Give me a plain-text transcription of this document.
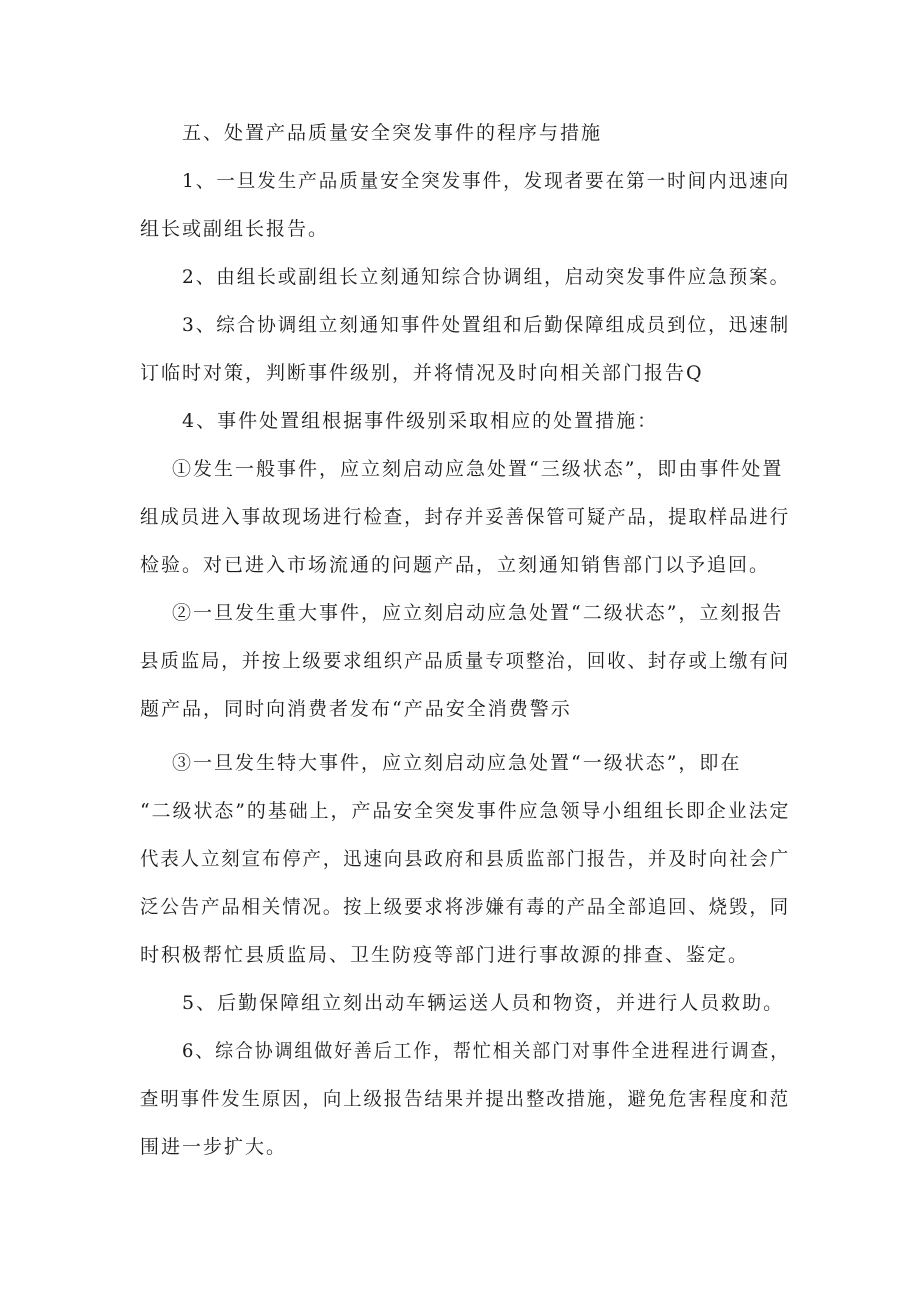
五、处置产品质量安全突发事件的程序与措施
1、一旦发生产品质量安全突发事件，发现者要在第一时间内迅速向
组长或副组长报告。
2、由组长或副组长立刻通知综合协调组，启动突发事件应急预案。
3、综合协调组立刻通知事件处置组和后勤保障组成员到位，迅速制
订临时对策，判断事件级别，并将情况及时向相关部门报告Q
4、事件处置组根据事件级别采取相应的处置措施：
①发生一般事件，应立刻启动应急处置“三级状态”，即由事件处置
组成员进入事故现场进行检查，封存并妥善保管可疑产品，提取样品进行
检验。对已进入市场流通的问题产品，立刻通知销售部门以予追回。
②一旦发生重大事件，应立刻启动应急处置“二级状态”，立刻报告
县质监局，并按上级要求组织产品质量专项整治，回收、封存或上缴有问
题产品，同时向消费者发布“产品安全消费警示
③一旦发生特大事件，应立刻启动应急处置“一级状态”，即在
“二级状态”的基础上，产品安全突发事件应急领导小组组长即企业法定
代表人立刻宣布停产，迅速向县政府和县质监部门报告，并及时向社会广
泛公告产品相关情况。按上级要求将涉嫌有毒的产品全部追回、烧毁，同
时积极帮忙县质监局、卫生防疫等部门进行事故源的排查、鉴定。
5、后勤保障组立刻出动车辆运送人员和物资，并进行人员救助。
6、综合协调组做好善后工作，帮忙相关部门对事件全进程进行调查，
查明事件发生原因，向上级报告结果并提出整改措施，避免危害程度和范
围进一步扩大。
